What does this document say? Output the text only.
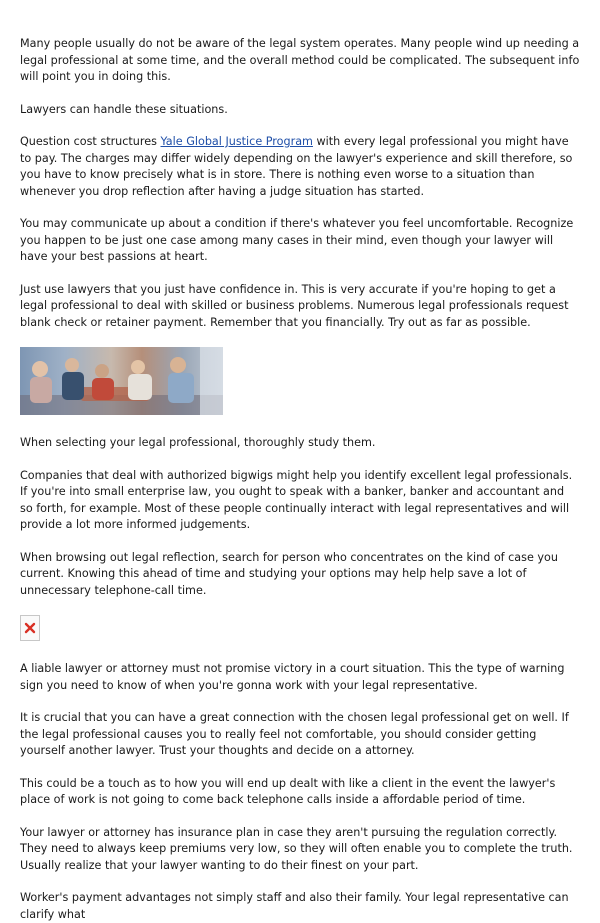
Many people usually do not be aware of the legal system operates. Many people wind up needing a legal professional at some time, and the overall method could be complicated. The subsequent info will point you in doing this.

Lawyers can handle these situations.

Question cost structures Yale Global Justice Program with every legal professional you might have to pay. The charges may differ widely depending on the lawyer's experience and skill therefore, so you have to know precisely what is in store. There is nothing even worse to a situation than whenever you drop reflection after having a judge situation has started.

You may communicate up about a condition if there's whatever you feel uncomfortable. Recognize you happen to be just one case among many cases in their mind, even though your lawyer will have your best passions at heart.

Just use lawyers that you just have confidence in. This is very accurate if you're hoping to get a legal professional to deal with skilled or business problems. Numerous legal professionals request blank check or retainer payment. Remember that you financially. Try out as far as possible.

When selecting your legal professional, thoroughly study them.

Companies that deal with authorized bigwigs might help you identify excellent legal professionals. If you're into small enterprise law, you ought to speak with a banker, banker and accountant and so forth, for example. Most of these people continually interact with legal representatives and will provide a lot more informed judgements.

When browsing out legal reflection, search for person who concentrates on the kind of case you current. Knowing this ahead of time and studying your options may help help save a lot of unnecessary telephone-call time.

A liable lawyer or attorney must not promise victory in a court situation. This the type of warning sign you need to know of when you're gonna work with your legal representative.

It is crucial that you can have a great connection with the chosen legal professional get on well. If the legal professional causes you to really feel not comfortable, you should consider getting yourself another lawyer. Trust your thoughts and decide on a attorney.

This could be a touch as to how you will end up dealt with like a client in the event the lawyer's place of work is not going to come back telephone calls inside a affordable period of time.

Your lawyer or attorney has insurance plan in case they aren't pursuing the regulation correctly. They need to always keep premiums very low, so they will often enable you to complete the truth. Usually realize that your lawyer wanting to do their finest on your part.

Worker's payment advantages not simply staff and also their family. Your legal representative can clarify what
